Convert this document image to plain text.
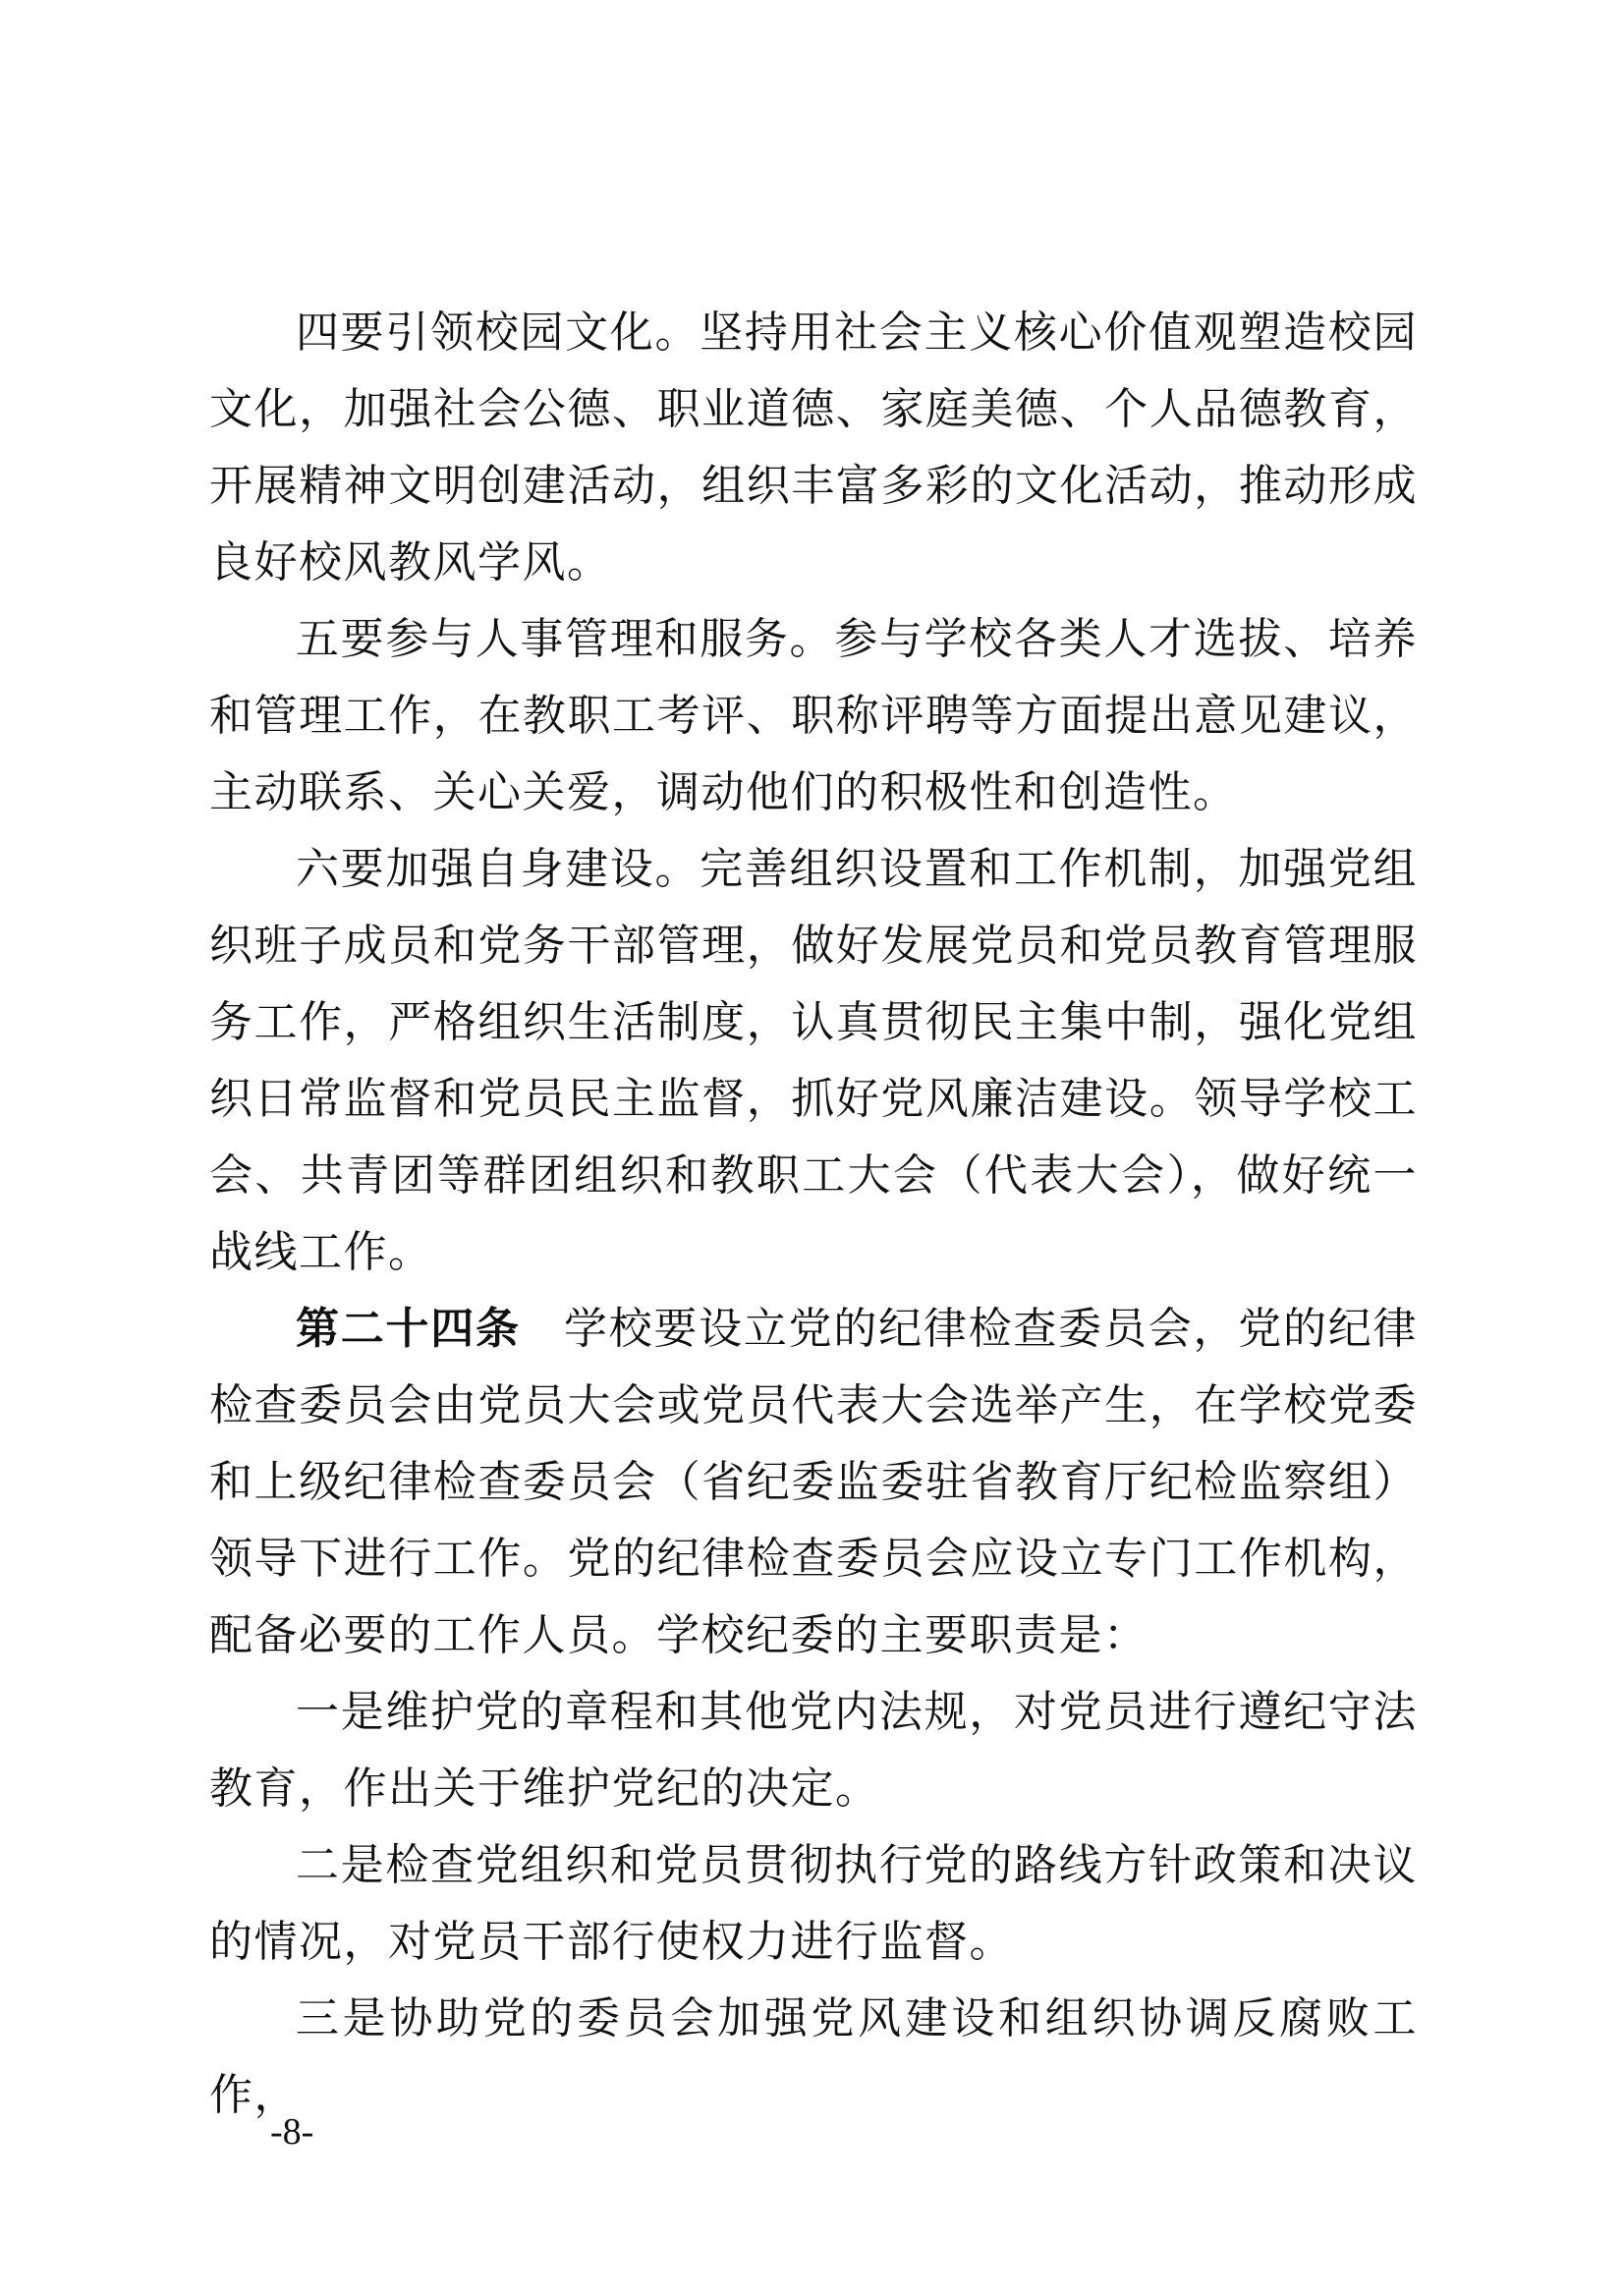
四要引领校园文化。坚持用社会主义核心价值观塑造校园文化，加强社会公德、职业道德、家庭美德、个人品德教育，开展精神文明创建活动，组织丰富多彩的文化活动，推动形成良好校风教风学风。

五要参与人事管理和服务。参与学校各类人才选拔、培养和管理工作，在教职工考评、职称评聘等方面提出意见建议，主动联系、关心关爱，调动他们的积极性和创造性。

六要加强自身建设。完善组织设置和工作机制，加强党组织班子成员和党务干部管理，做好发展党员和党员教育管理服务工作，严格组织生活制度，认真贯彻民主集中制，强化党组织日常监督和党员民主监督，抓好党风廉洁建设。领导学校工会、共青团等群团组织和教职工大会（代表大会），做好统一战线工作。

第二十四条 学校要设立党的纪律检查委员会，党的纪律检查委员会由党员大会或党员代表大会选举产生，在学校党委和上级纪律检查委员会（省纪委监委驻省教育厅纪检监察组）领导下进行工作。党的纪律检查委员会应设立专门工作机构，配备必要的工作人员。学校纪委的主要职责是：

一是维护党的章程和其他党内法规，对党员进行遵纪守法教育，作出关于维护党纪的决定。

二是检查党组织和党员贯彻执行党的路线方针政策和决议的情况，对党员干部行使权力进行监督。

三是协助党的委员会加强党风建设和组织协调反腐败工作，

-8-
